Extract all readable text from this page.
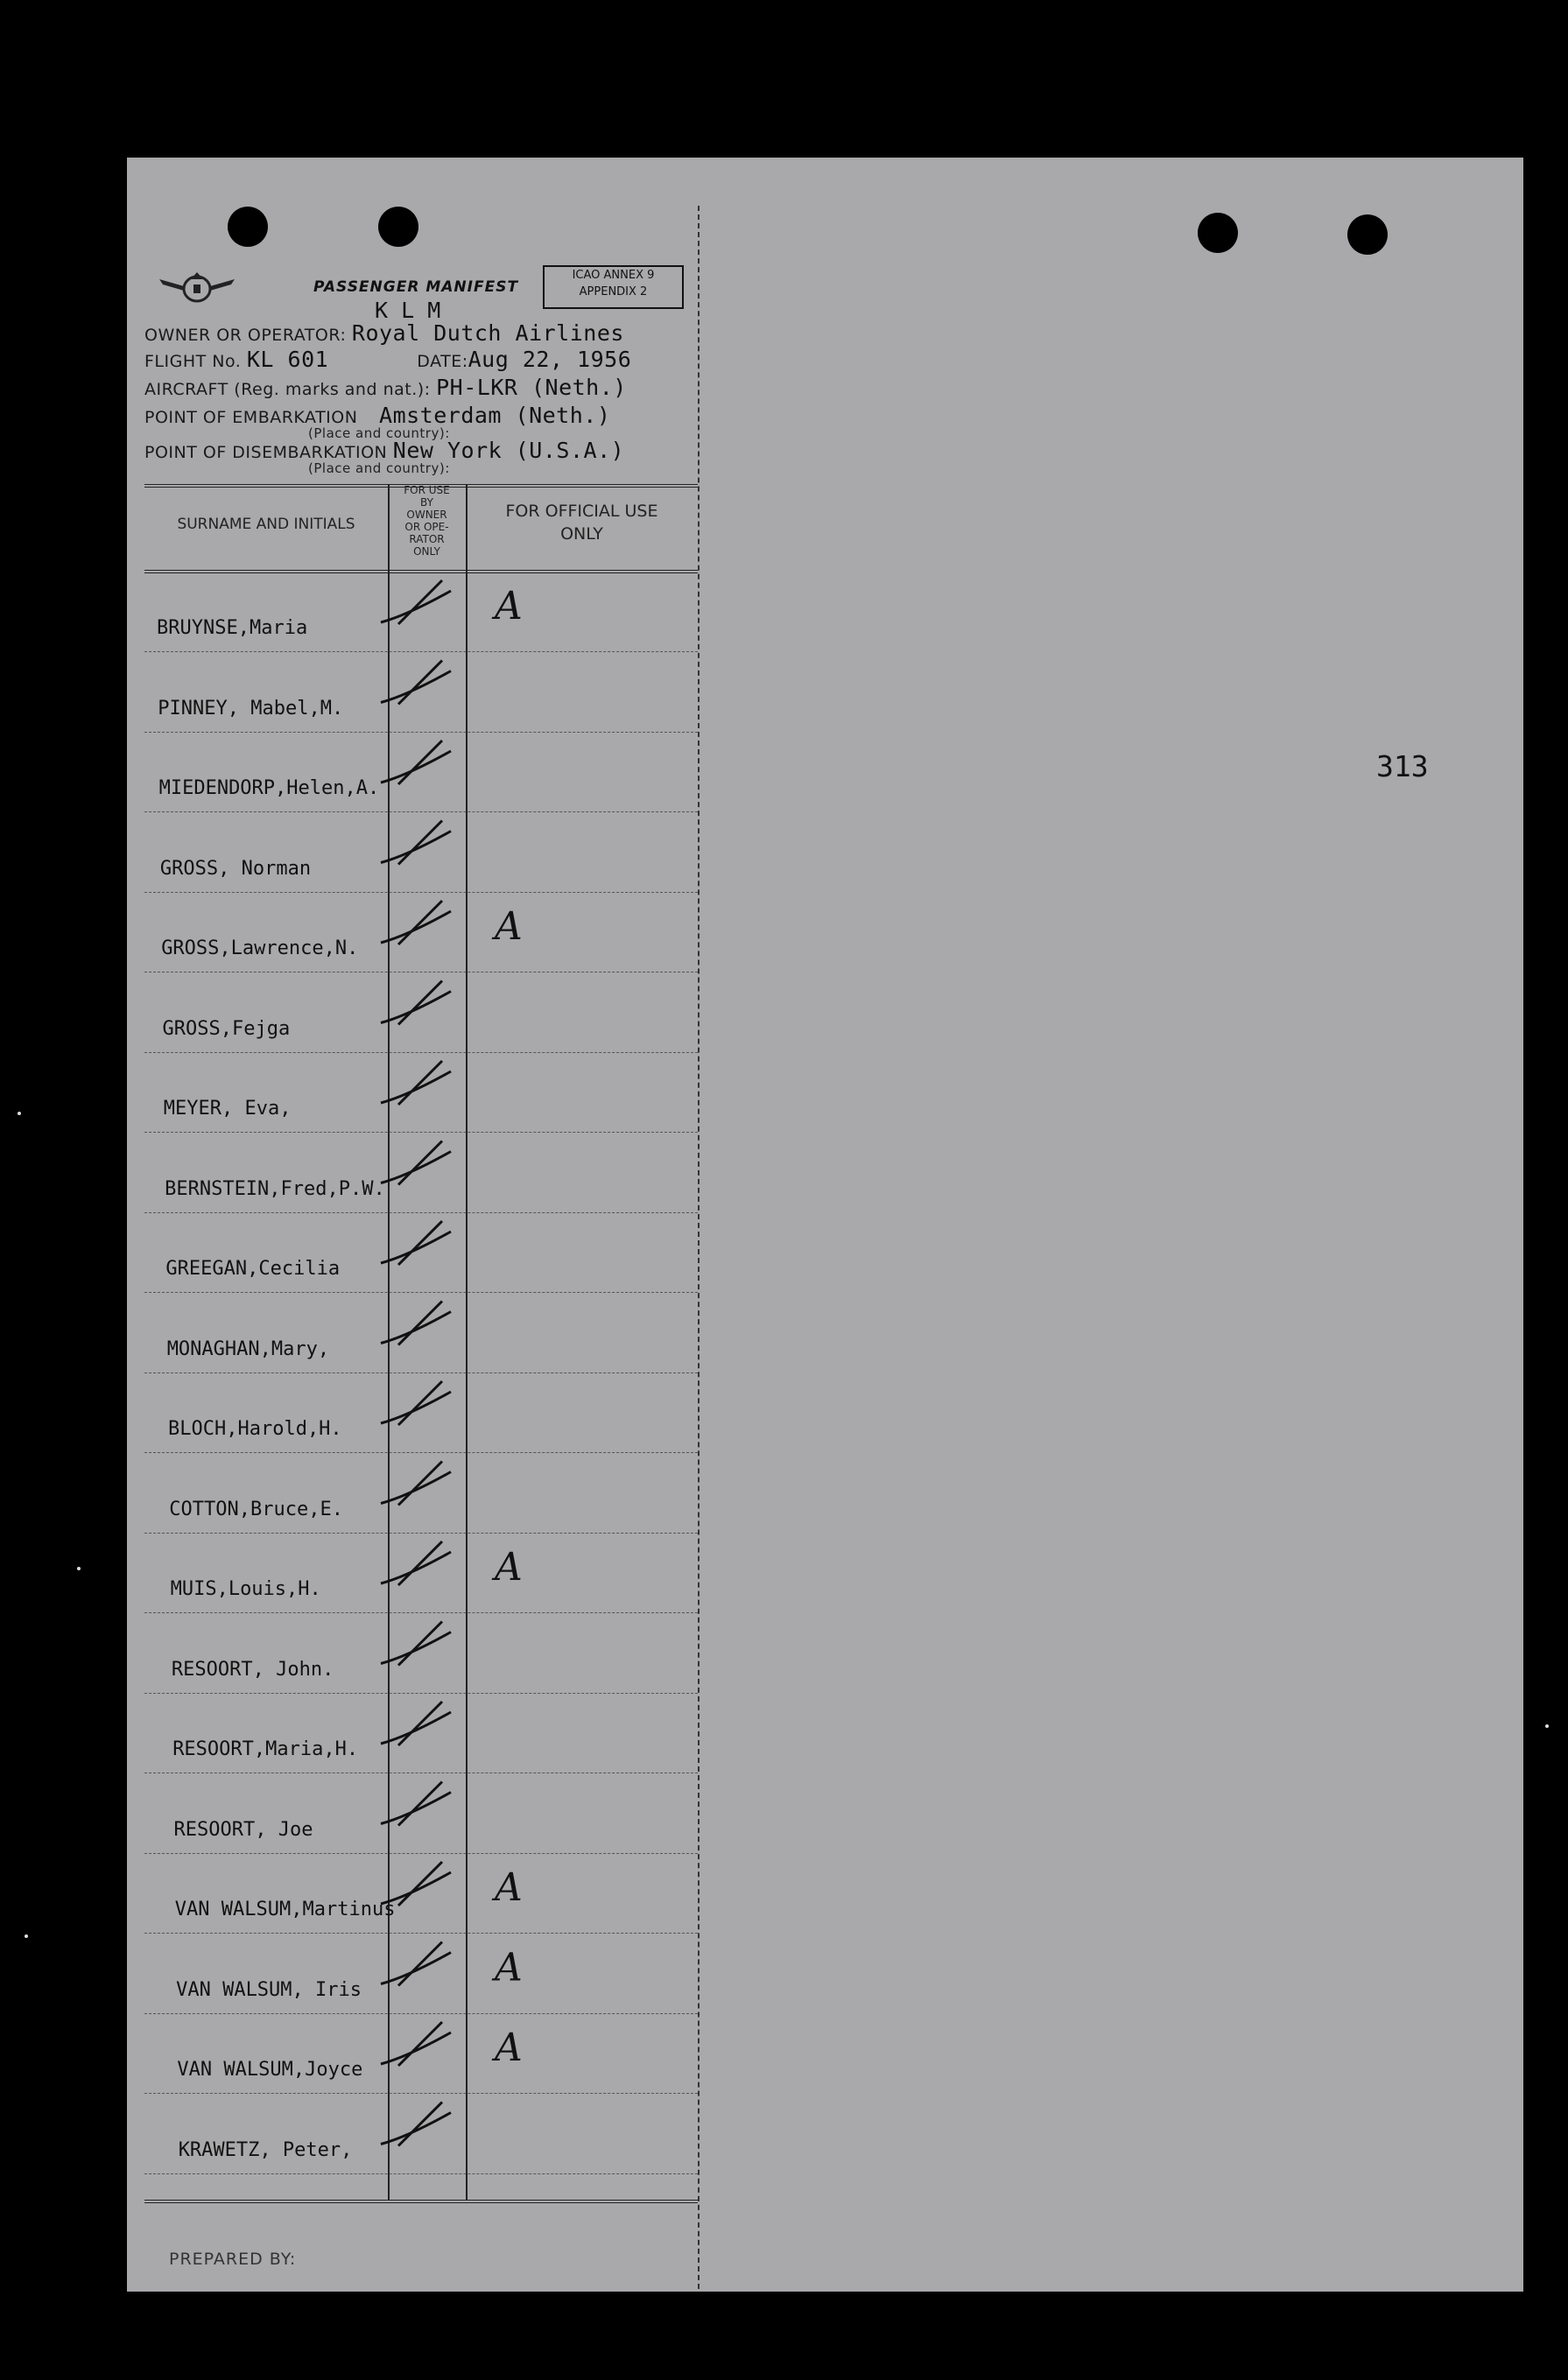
PASSENGER MANIFEST
ICAO ANNEX 9
APPENDIX 2
K L M
OWNER OR OPERATOR: Royal Dutch Airlines
FLIGHT No. KL 601	DATE:Aug 22, 1956
AIRCRAFT (Reg. marks and nat.): PH-LKR (Neth.)
POINT OF EMBARKATION Amsterdam (Neth.)
(Place and country):
POINT OF DISEMBARKATION New York (U.S.A.)
(Place and country):
SURNAME AND INITIALS
FOR USE
BY
OWNER
OR OPE-
RATOR
ONLY
FOR OFFICIAL USE
ONLY
BRUYNSE,Maria
PINNEY, Mabel,M.
MIEDENDORP,Helen,A.
GROSS, Norman
GROSS,Lawrence,N.
GROSS,Fejga
MEYER, Eva,
BERNSTEIN,Fred,P.W.
GREEGAN,Cecilia
MONAGHAN,Mary,
BLOCH,Harold,H.
COTTON,Bruce,E.
MUIS,Louis,H.
RESOORT, John.
RESOORT,Maria,H.
RESOORT, Joe
VAN WALSUM,Martinus
VAN WALSUM, Iris
VAN WALSUM,Joyce
KRAWETZ, Peter,
PREPARED BY:
313
A
A
A
A
A
A
